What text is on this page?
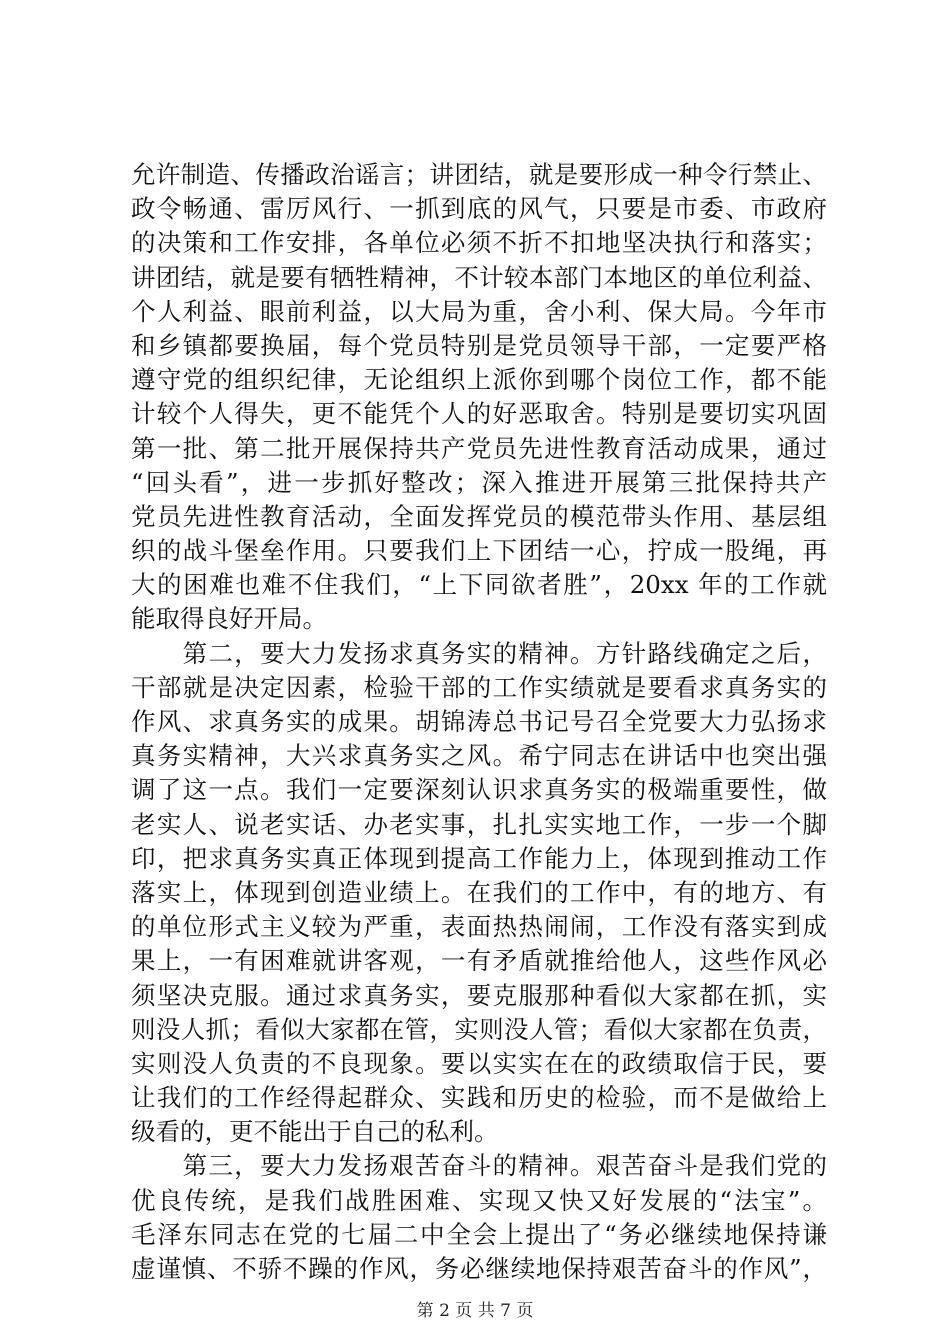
允许制造、传播政治谣言；讲团结，就是要形成一种令行禁止、
政令畅通、雷厉风行、一抓到底的风气，只要是市委、市政府
的决策和工作安排，各单位必须不折不扣地坚决执行和落实；
讲团结，就是要有牺牲精神，不计较本部门本地区的单位利益、
个人利益、眼前利益，以大局为重，舍小利、保大局。今年市
和乡镇都要换届，每个党员特别是党员领导干部，一定要严格
遵守党的组织纪律，无论组织上派你到哪个岗位工作，都不能
计较个人得失，更不能凭个人的好恶取舍。特别是要切实巩固
第一批、第二批开展保持共产党员先进性教育活动成果，通过
“回头看”，进一步抓好整改；深入推进开展第三批保持共产
党员先进性教育活动，全面发挥党员的模范带头作用、基层组
织的战斗堡垒作用。只要我们上下团结一心，拧成一股绳，再
大的困难也难不住我们，“上下同欲者胜”，20xx 年的工作就
能取得良好开局。
　　第二，要大力发扬求真务实的精神。方针路线确定之后，
干部就是决定因素，检验干部的工作实绩就是要看求真务实的
作风、求真务实的成果。胡锦涛总书记号召全党要大力弘扬求
真务实精神，大兴求真务实之风。希宁同志在讲话中也突出强
调了这一点。我们一定要深刻认识求真务实的极端重要性，做
老实人、说老实话、办老实事，扎扎实实地工作，一步一个脚
印，把求真务实真正体现到提高工作能力上，体现到推动工作
落实上，体现到创造业绩上。在我们的工作中，有的地方、有
的单位形式主义较为严重，表面热热闹闹，工作没有落实到成
果上，一有困难就讲客观，一有矛盾就推给他人，这些作风必
须坚决克服。通过求真务实，要克服那种看似大家都在抓，实
则没人抓；看似大家都在管，实则没人管；看似大家都在负责，
实则没人负责的不良现象。要以实实在在的政绩取信于民，要
让我们的工作经得起群众、实践和历史的检验，而不是做给上
级看的，更不能出于自己的私利。
　　第三，要大力发扬艰苦奋斗的精神。艰苦奋斗是我们党的
优良传统，是我们战胜困难、实现又快又好发展的“法宝”。
毛泽东同志在党的七届二中全会上提出了“务必继续地保持谦
虚谨慎、不骄不躁的作风，务必继续地保持艰苦奋斗的作风”，
第 2 页 共 7 页
